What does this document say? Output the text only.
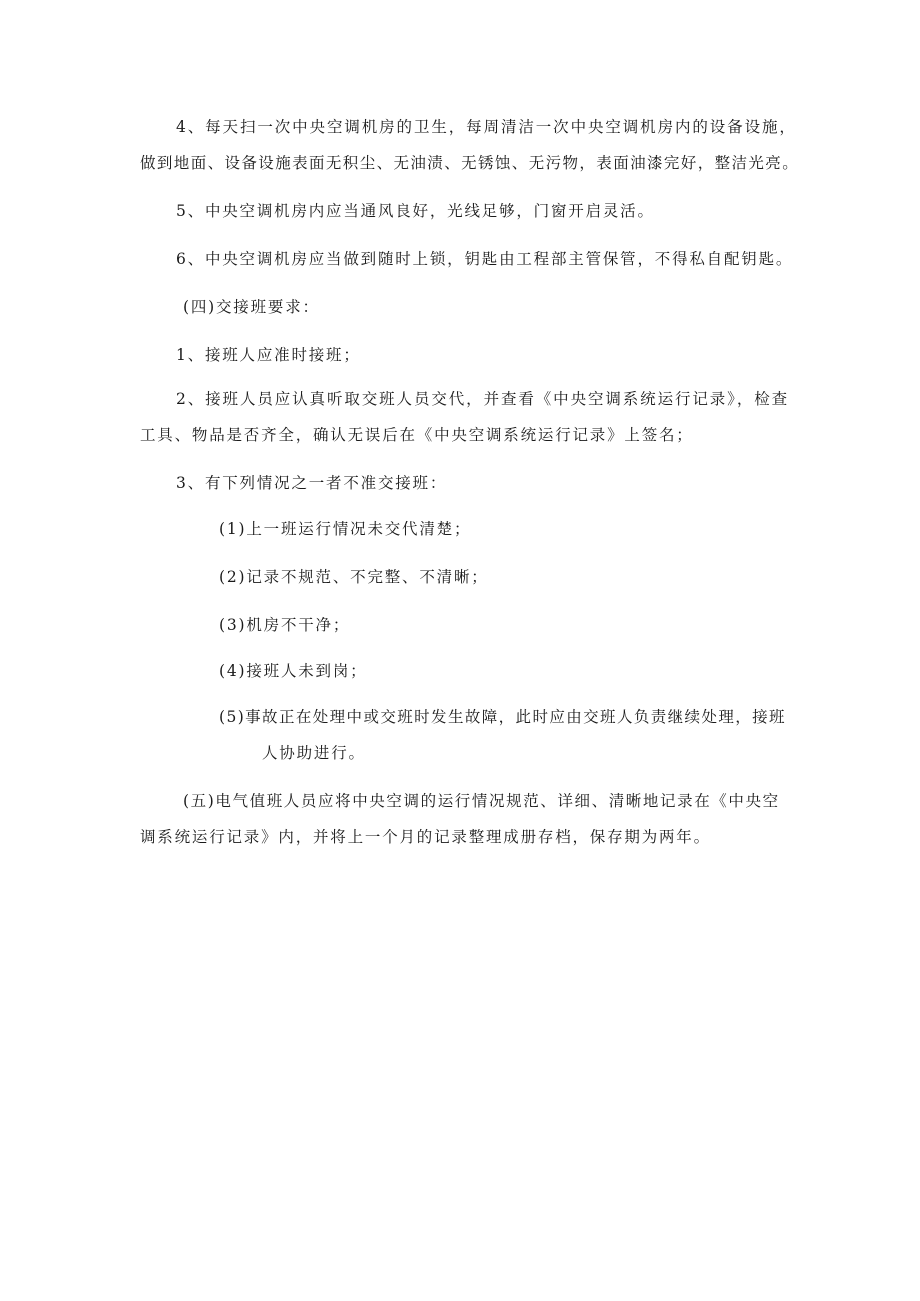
4、每天扫一次中央空调机房的卫生，每周清洁一次中央空调机房内的设备设施，
做到地面、设备设施表面无积尘、无油渍、无锈蚀、无污物，表面油漆完好，整洁光亮。
5、中央空调机房内应当通风良好，光线足够，门窗开启灵活。
6、中央空调机房应当做到随时上锁，钥匙由工程部主管保管，不得私自配钥匙。
(四)交接班要求：
1、接班人应准时接班；
2、接班人员应认真听取交班人员交代，并查看《中央空调系统运行记录》，检查
工具、物品是否齐全，确认无误后在《中央空调系统运行记录》上签名；
3、有下列情况之一者不准交接班：
(1)上一班运行情况未交代清楚；
(2)记录不规范、不完整、不清晰；
(3)机房不干净；
(4)接班人未到岗；
(5)事故正在处理中或交班时发生故障，此时应由交班人负责继续处理，接班
人协助进行。
(五)电气值班人员应将中央空调的运行情况规范、详细、清晰地记录在《中央空
调系统运行记录》内，并将上一个月的记录整理成册存档，保存期为两年。
